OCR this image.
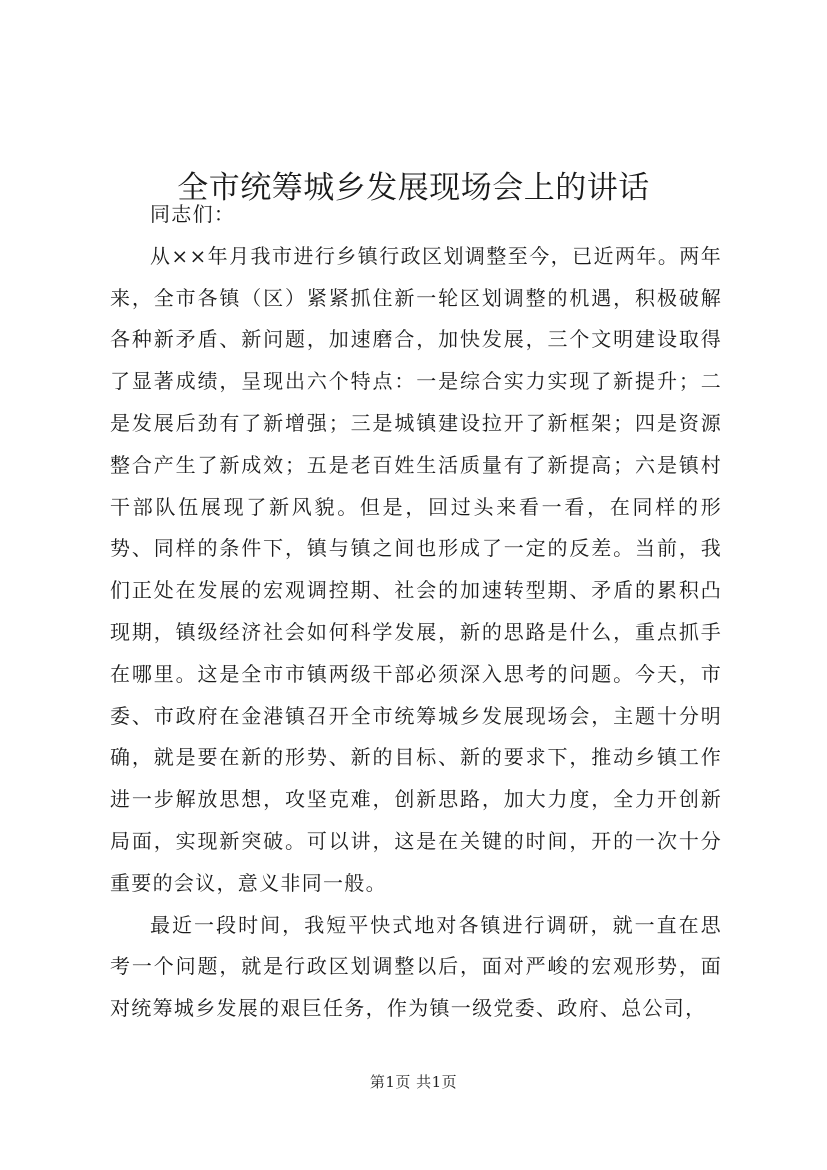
全市统筹城乡发展现场会上的讲话

同志们：

从××年月我市进行乡镇行政区划调整至今，已近两年。两年来，全市各镇（区）紧紧抓住新一轮区划调整的机遇，积极破解各种新矛盾、新问题，加速磨合，加快发展，三个文明建设取得了显著成绩，呈现出六个特点：一是综合实力实现了新提升；二是发展后劲有了新增强；三是城镇建设拉开了新框架；四是资源整合产生了新成效；五是老百姓生活质量有了新提高；六是镇村干部队伍展现了新风貌。但是，回过头来看一看，在同样的形势、同样的条件下，镇与镇之间也形成了一定的反差。当前，我们正处在发展的宏观调控期、社会的加速转型期、矛盾的累积凸现期，镇级经济社会如何科学发展，新的思路是什么，重点抓手在哪里。这是全市市镇两级干部必须深入思考的问题。今天，市委、市政府在金港镇召开全市统筹城乡发展现场会，主题十分明确，就是要在新的形势、新的目标、新的要求下，推动乡镇工作进一步解放思想，攻坚克难，创新思路，加大力度，全力开创新局面，实现新突破。可以讲，这是在关键的时间，开的一次十分重要的会议，意义非同一般。

最近一段时间，我短平快式地对各镇进行调研，就一直在思考一个问题，就是行政区划调整以后，面对严峻的宏观形势，面对统筹城乡发展的艰巨任务，作为镇一级党委、政府、总公司，

第1页 共1页
